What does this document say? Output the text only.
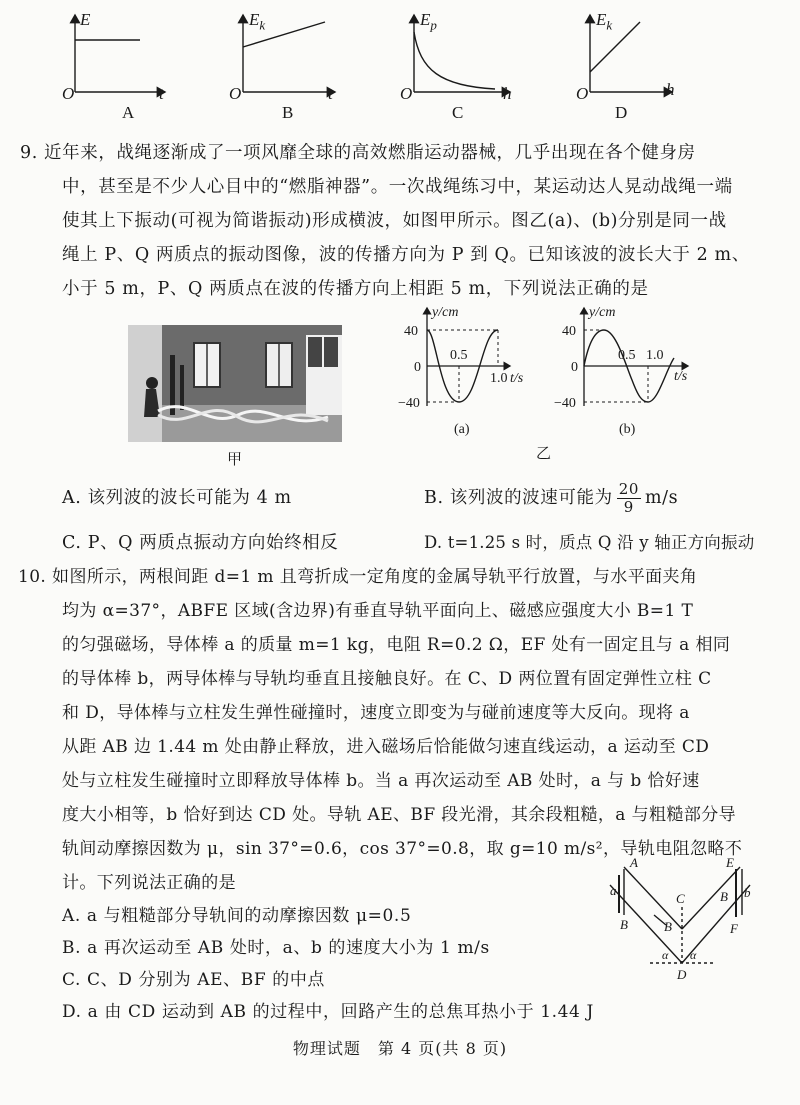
E
O	t
A
$E_k$
O	t
B
$E_p$
O	h
C
$E_k$
O	h
D
9. 近年来，战绳逐渐成了一项风靡全球的高效燃脂运动器械，几乎出现在各个健身房
中，甚至是不少人心目中的“燃脂神器”。一次战绳练习中，某运动达人晃动战绳一端
使其上下振动(可视为简谐振动)形成横波，如图甲所示。图乙(a)、(b)分别是同一战
绳上 P、Q 两质点的振动图像，波的传播方向为 P 到 Q。已知该波的波长大于 2 m、
小于 5 m，P、Q 两质点在波的传播方向上相距 5 m，下列说法正确的是
甲
y/cm
40
0
−40
0.5
1.0 t/s
(a)
y/cm
40
0
−40
0.5 1.0
t/s
(b)
乙
A. 该列波的波长可能为 4 m	B. 该列波的波速可能为 $\frac{20}{9} m/s$
C. P、Q 两质点振动方向始终相反	D. t=1.25 s 时，质点 Q 沿 y 轴正方向振动
10. 如图所示，两根间距 d=1 m 且弯折成一定角度的金属导轨平行放置，与水平面夹角
均为 α=37°，ABFE 区域(含边界)有垂直导轨平面向上、磁感应强度大小 B=1 T
的匀强磁场，导体棒 a 的质量 m=1 kg，电阻 R=0.2 Ω，EF 处有一固定且与 a 相同
的导体棒 b，两导体棒与导轨均垂直且接触良好。在 C、D 两位置有固定弹性立柱 C
和 D，导体棒与立柱发生弹性碰撞时，速度立即变为与碰前速度等大反向。现将 a
从距 AB 边 1.44 m 处由静止释放，进入磁场后恰能做匀速直线运动，a 运动至 CD
处与立柱发生碰撞时立即释放导体棒 b。当 a 再次运动至 AB 处时，a 与 b 恰好速
度大小相等，b 恰好到达 CD 处。导轨 AE、BF 段光滑，其余段粗糙，a 与粗糙部分导
轨间动摩擦因数为 μ，sin 37°=0.6，cos 37°=0.8，取 g=10 m/s²，导轨电阻忽略不
计。下列说法正确的是
A. a 与粗糙部分导轨间的动摩擦因数 μ=0.5
B. a 再次运动至 AB 处时，a、b 的速度大小为 1 m/s
C. C、D 分别为 AE、BF 的中点
D. a 由 CD 运动到 AB 的过程中，回路产生的总焦耳热小于 1.44 J
A
a
B
C
B
D
E
B b
F
α α
物理试题　第 4 页(共 8 页)
